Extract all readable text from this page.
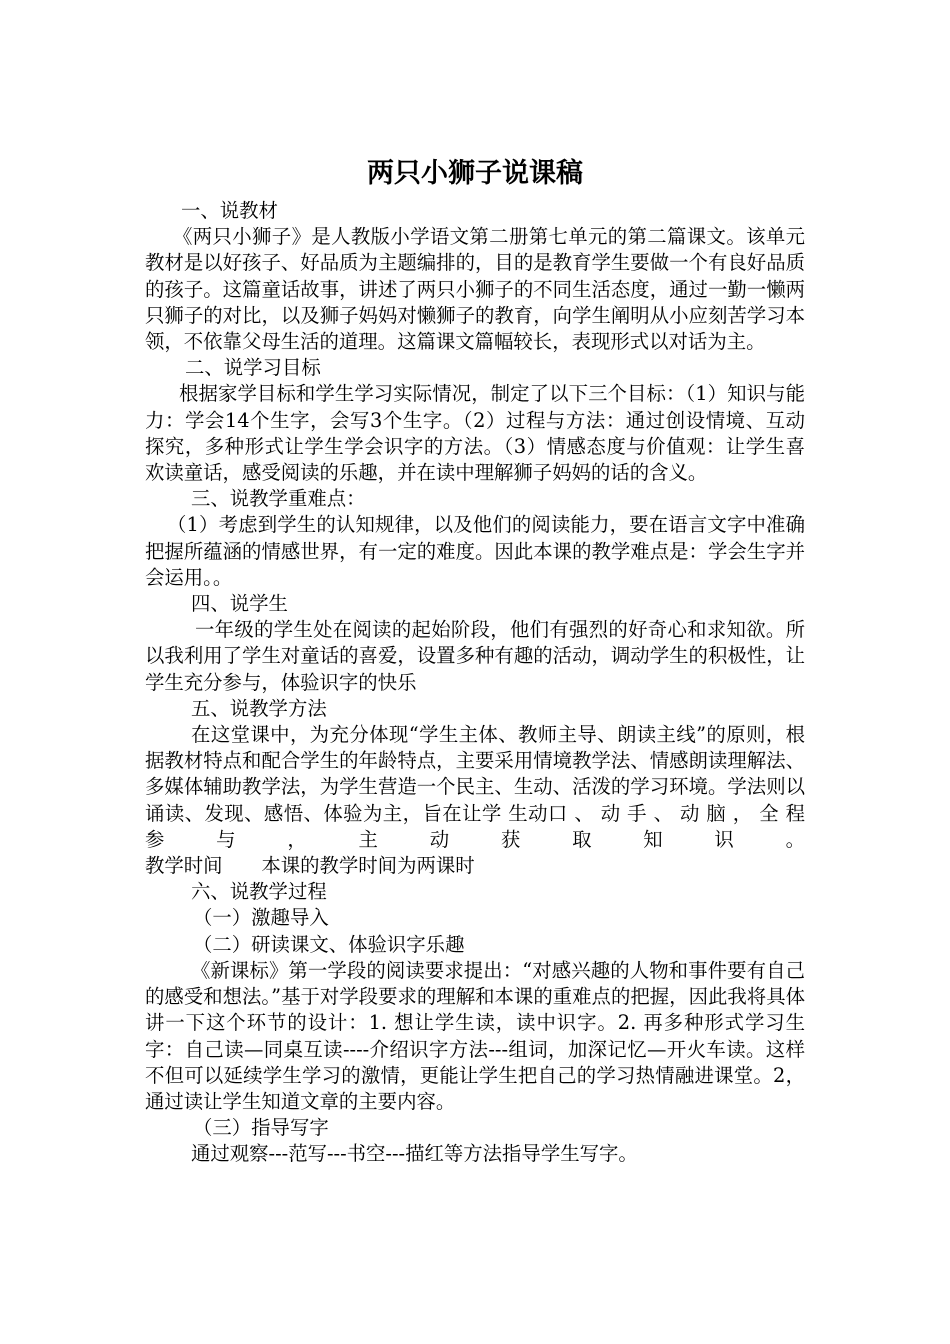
两只小狮子说课稿

一、说教材

《两只小狮子》是人教版小学语文第二册第七单元的第二篇课文。该单元教材是以好孩子、好品质为主题编排的，目的是教育学生要做一个有良好品质的孩子。这篇童话故事，讲述了两只小狮子的不同生活态度，通过一勤一懒两只狮子的对比，以及狮子妈妈对懒狮子的教育，向学生阐明从小应刻苦学习本领，不依靠父母生活的道理。这篇课文篇幅较长，表现形式以对话为主。

二、说学习目标

根据家学目标和学生学习实际情况，制定了以下三个目标：（1）知识与能力：学会14个生字，会写3个生字。（2）过程与方法：通过创设情境、互动探究，多种形式让学生学会识字的方法。（3）情感态度与价值观：让学生喜欢读童话，感受阅读的乐趣，并在读中理解狮子妈妈的话的含义。

三、说教学重难点：

（1）考虑到学生的认知规律，以及他们的阅读能力，要在语言文字中准确把握所蕴涵的情感世界，有一定的难度。因此本课的教学难点是：学会生字并会运用。。

四、说学生

一年级的学生处在阅读的起始阶段，他们有强烈的好奇心和求知欲。所以我利用了学生对童话的喜爱，设置多种有趣的活动，调动学生的积极性，让学生充分参与，体验识字的快乐

五、说教学方法

在这堂课中，为充分体现“学生主体、教师主导、朗读主线”的原则，根据教材特点和配合学生的年龄特点，主要采用情境教学法、情感朗读理解法、多媒体辅助教学法，为学生营造一个民主、生动、活泼的学习环境。学法则以诵读、发现、感悟、体验为主，旨在让学 生动口 、 动 手 、 动 脑 ， 全 程 参 与 ， 主 动 获 取 知 识 。

教学时间　　本课的教学时间为两课时

六、说教学过程

（一）激趣导入

（二）研读课文、体验识字乐趣

《新课标》第一学段的阅读要求提出：“对感兴趣的人物和事件要有自己的感受和想法。”基于对学段要求的理解和本课的重难点的把握，因此我将具体讲一下这个环节的设计：1. 想让学生读，读中识字。2. 再多种形式学习生字：自己读—同桌互读----介绍识字方法---组词，加深记忆—开火车读。这样不但可以延续学生学习的激情，更能让学生把自己的学习热情融进课堂。2，通过读让学生知道文章的主要内容。

（三）指导写字

通过观察---范写---书空---描红等方法指导学生写字。
